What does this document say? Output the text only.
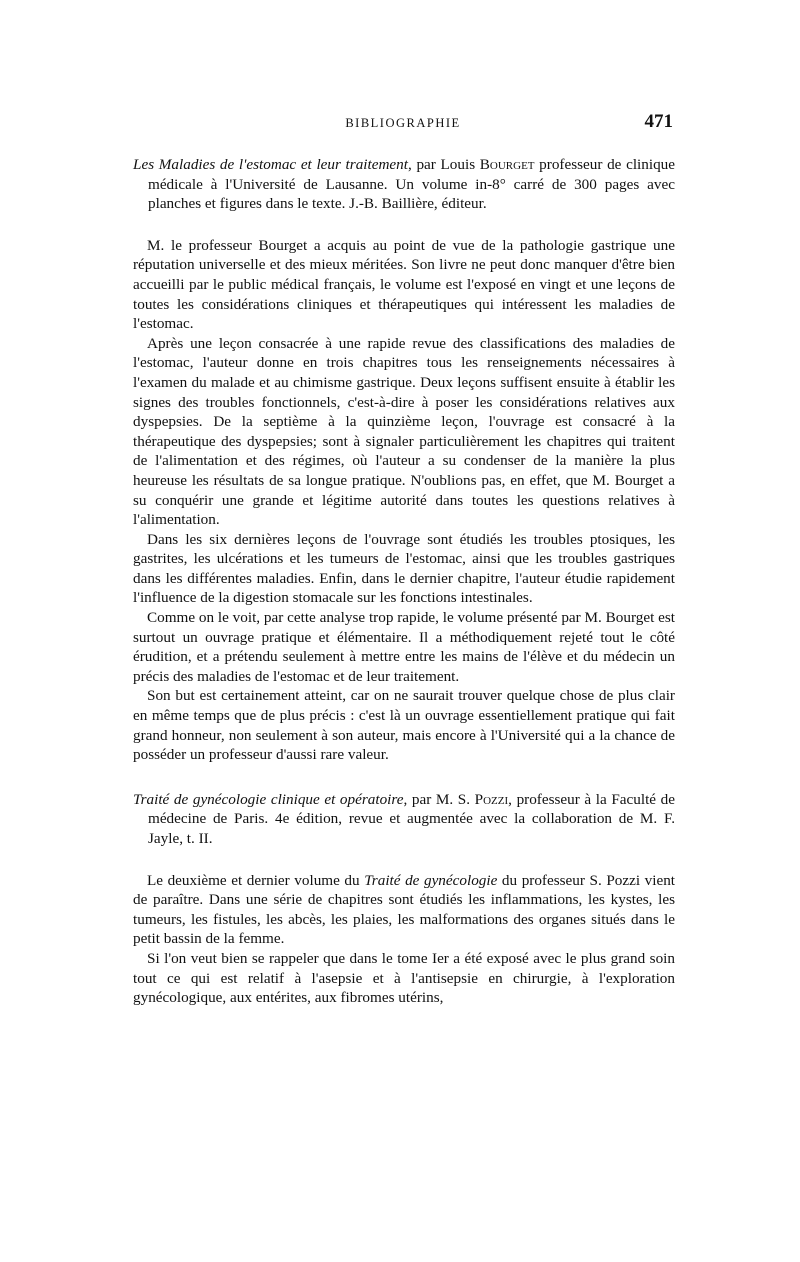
BIBLIOGRAPHIE	471

Les Maladies de l'estomac et leur traitement, par Louis Bourget professeur de clinique médicale à l'Université de Lausanne. Un volume in-8° carré de 300 pages avec planches et figures dans le texte. J.-B. Baillière, éditeur.

M. le professeur Bourget a acquis au point de vue de la pathologie gastrique une réputation universelle et des mieux méritées. Son livre ne peut donc manquer d'être bien accueilli par le public médical français, le volume est l'exposé en vingt et une leçons de toutes les considérations cliniques et thérapeutiques qui intéressent les maladies de l'estomac.

Après une leçon consacrée à une rapide revue des classifications des maladies de l'estomac, l'auteur donne en trois chapitres tous les renseignements nécessaires à l'examen du malade et au chimisme gastrique. Deux leçons suffisent ensuite à établir les signes des troubles fonctionnels, c'est-à-dire à poser les considérations relatives aux dyspepsies. De la septième à la quinzième leçon, l'ouvrage est consacré à la thérapeutique des dyspepsies; sont à signaler particulièrement les chapitres qui traitent de l'alimentation et des régimes, où l'auteur a su condenser de la manière la plus heureuse les résultats de sa longue pratique. N'oublions pas, en effet, que M. Bourget a su conquérir une grande et légitime autorité dans toutes les questions relatives à l'alimentation.

Dans les six dernières leçons de l'ouvrage sont étudiés les troubles ptosiques, les gastrites, les ulcérations et les tumeurs de l'estomac, ainsi que les troubles gastriques dans les différentes maladies. Enfin, dans le dernier chapitre, l'auteur étudie rapidement l'influence de la digestion stomacale sur les fonctions intestinales.

Comme on le voit, par cette analyse trop rapide, le volume présenté par M. Bourget est surtout un ouvrage pratique et élémentaire. Il a méthodiquement rejeté tout le côté érudition, et a prétendu seulement à mettre entre les mains de l'élève et du médecin un précis des maladies de l'estomac et de leur traitement.

Son but est certainement atteint, car on ne saurait trouver quelque chose de plus clair en même temps que de plus précis : c'est là un ouvrage essentiellement pratique qui fait grand honneur, non seulement à son auteur, mais encore à l'Université qui a la chance de posséder un professeur d'aussi rare valeur.

Traité de gynécologie clinique et opératoire, par M. S. Pozzi, professeur à la Faculté de médecine de Paris. 4e édition, revue et augmentée avec la collaboration de M. F. Jayle, t. II.

Le deuxième et dernier volume du Traité de gynécologie du professeur S. Pozzi vient de paraître. Dans une série de chapitres sont étudiés les inflammations, les kystes, les tumeurs, les fistules, les abcès, les plaies, les malformations des organes situés dans le petit bassin de la femme.

Si l'on veut bien se rappeler que dans le tome Ier a été exposé avec le plus grand soin tout ce qui est relatif à l'asepsie et à l'antisepsie en chirurgie, à l'exploration gynécologique, aux entérites, aux fibromes utérins,
